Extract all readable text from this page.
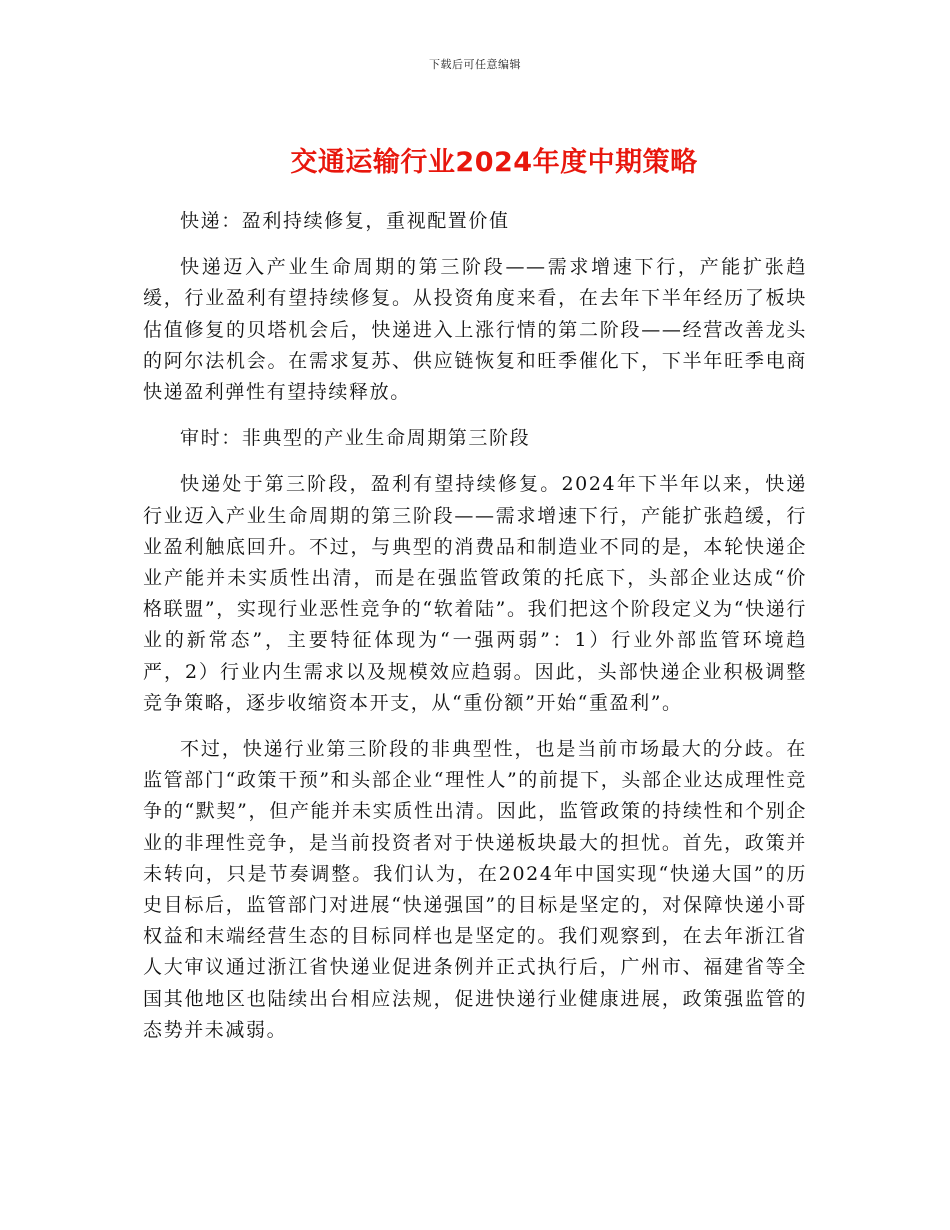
下载后可任意编辑
交通运输行业2024年度中期策略

快递：盈利持续修复，重视配置价值

快递迈入产业生命周期的第三阶段——需求增速下行，产能扩张趋缓，行业盈利有望持续修复。从投资角度来看，在去年下半年经历了板块估值修复的贝塔机会后，快递进入上涨行情的第二阶段——经营改善龙头的阿尔法机会。在需求复苏、供应链恢复和旺季催化下，下半年旺季电商快递盈利弹性有望持续释放。

审时：非典型的产业生命周期第三阶段

快递处于第三阶段，盈利有望持续修复。2024年下半年以来，快递行业迈入产业生命周期的第三阶段——需求增速下行，产能扩张趋缓，行业盈利触底回升。不过，与典型的消费品和制造业不同的是，本轮快递企业产能并未实质性出清，而是在强监管政策的托底下，头部企业达成“价格联盟”，实现行业恶性竞争的“软着陆”。我们把这个阶段定义为“快递行业的新常态”，主要特征体现为“一强两弱”：1）行业外部监管环境趋严，2）行业内生需求以及规模效应趋弱。因此，头部快递企业积极调整竞争策略，逐步收缩资本开支，从“重份额”开始“重盈利”。

不过，快递行业第三阶段的非典型性，也是当前市场最大的分歧。在监管部门“政策干预”和头部企业“理性人”的前提下，头部企业达成理性竞争的“默契”，但产能并未实质性出清。因此，监管政策的持续性和个别企业的非理性竞争，是当前投资者对于快递板块最大的担忧。首先，政策并未转向，只是节奏调整。我们认为，在2024年中国实现“快递大国”的历史目标后，监管部门对进展“快递强国”的目标是坚定的，对保障快递小哥权益和末端经营生态的目标同样也是坚定的。我们观察到，在去年浙江省人大审议通过浙江省快递业促进条例并正式执行后，广州市、福建省等全国其他地区也陆续出台相应法规，促进快递行业健康进展，政策强监管的态势并未减弱。
